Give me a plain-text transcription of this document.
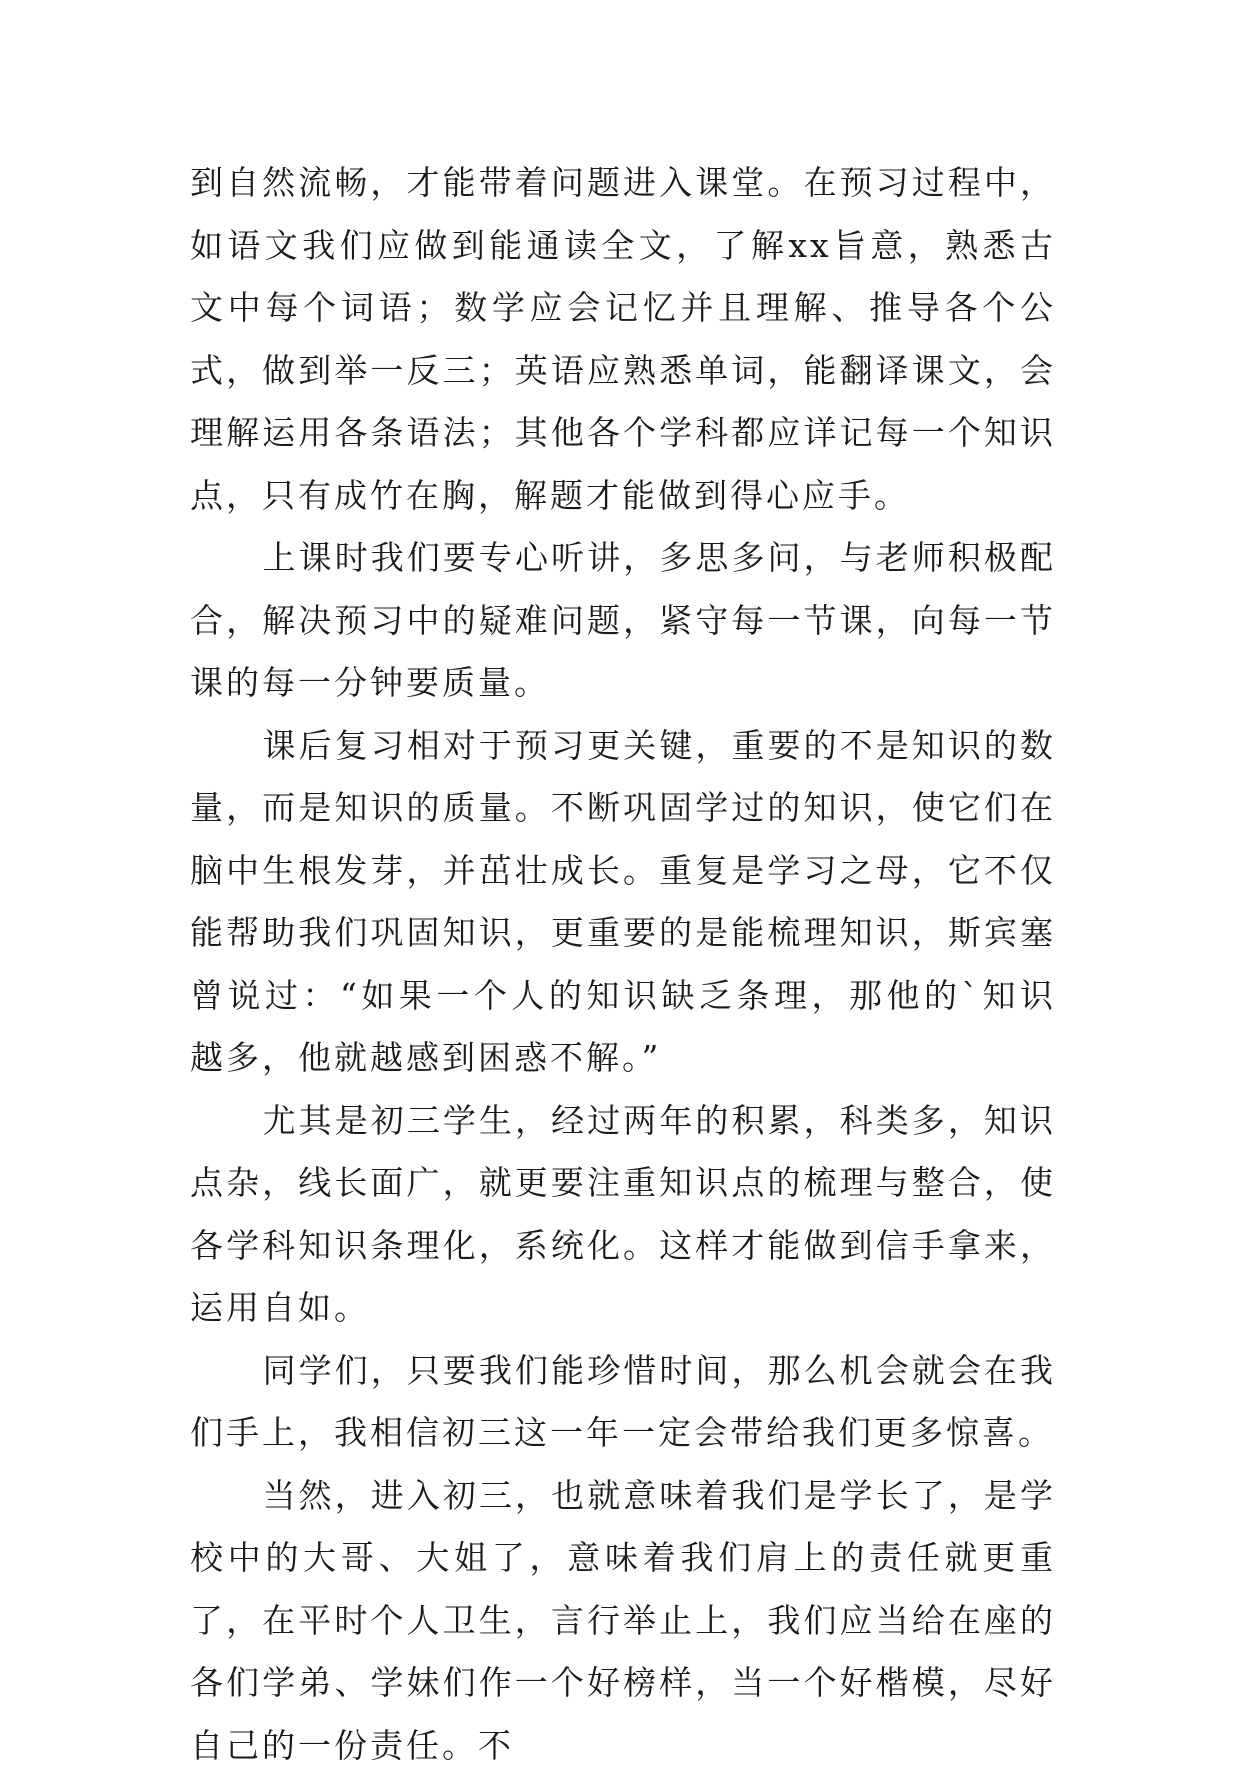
到自然流畅，才能带着问题进入课堂。在预习过程中，如语文我们应做到能通读全文，了解xx旨意，熟悉古文中每个词语；数学应会记忆并且理解、推导各个公式，做到举一反三；英语应熟悉单词，能翻译课文，会理解运用各条语法；其他各个学科都应详记每一个知识点，只有成竹在胸，解题才能做到得心应手。

上课时我们要专心听讲，多思多问，与老师积极配合，解决预习中的疑难问题，紧守每一节课，向每一节课的每一分钟要质量。

课后复习相对于预习更关键，重要的不是知识的数量，而是知识的质量。不断巩固学过的知识，使它们在脑中生根发芽，并茁壮成长。重复是学习之母，它不仅能帮助我们巩固知识，更重要的是能梳理知识，斯宾塞曾说过：“如果一个人的知识缺乏条理，那他的`知识越多，他就越感到困惑不解。”

尤其是初三学生，经过两年的积累，科类多，知识点杂，线长面广，就更要注重知识点的梳理与整合，使各学科知识条理化，系统化。这样才能做到信手拿来，运用自如。

同学们，只要我们能珍惜时间，那么机会就会在我们手上，我相信初三这一年一定会带给我们更多惊喜。

当然，进入初三，也就意味着我们是学长了，是学校中的大哥、大姐了，意味着我们肩上的责任就更重了，在平时个人卫生，言行举止上，我们应当给在座的各们学弟、学妹们作一个好榜样，当一个好楷模，尽好自己的一份责任。不
